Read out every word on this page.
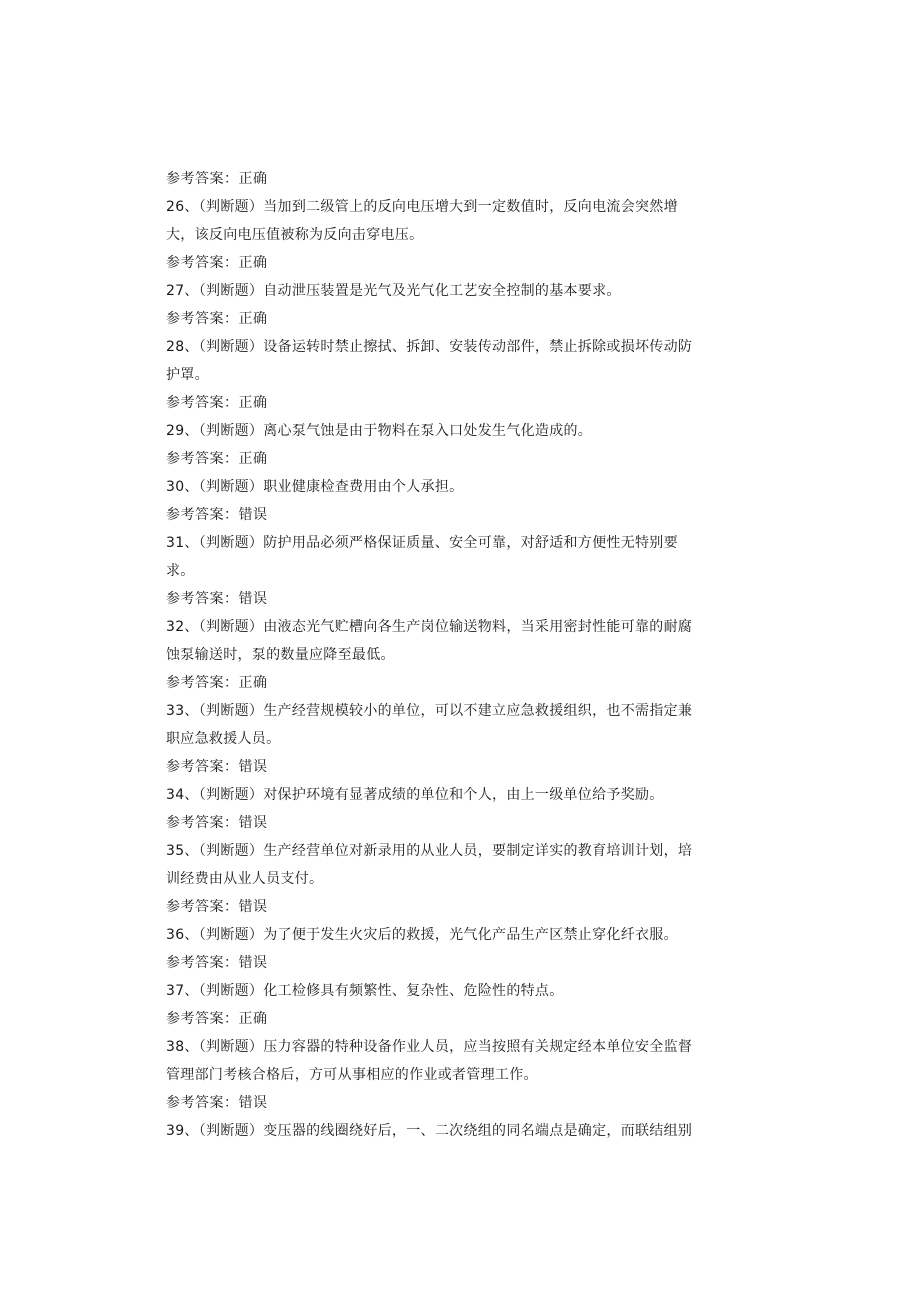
参考答案：正确
26、（判断题）当加到二级管上的反向电压增大到一定数值时，反向电流会突然增
大，该反向电压值被称为反向击穿电压。
参考答案：正确
27、（判断题）自动泄压装置是光气及光气化工艺安全控制的基本要求。
参考答案：正确
28、（判断题）设备运转时禁止擦拭、拆卸、安装传动部件，禁止拆除或损坏传动防
护罩。
参考答案：正确
29、（判断题）离心泵气蚀是由于物料在泵入口处发生气化造成的。
参考答案：正确
30、（判断题）职业健康检查费用由个人承担。
参考答案：错误
31、（判断题）防护用品必须严格保证质量、安全可靠，对舒适和方便性无特别要
求。
参考答案：错误
32、（判断题）由液态光气贮槽向各生产岗位输送物料，当采用密封性能可靠的耐腐
蚀泵输送时，泵的数量应降至最低。
参考答案：正确
33、（判断题）生产经营规模较小的单位，可以不建立应急救援组织，也不需指定兼
职应急救援人员。
参考答案：错误
34、（判断题）对保护环境有显著成绩的单位和个人，由上一级单位给予奖励。
参考答案：错误
35、（判断题）生产经营单位对新录用的从业人员，要制定详实的教育培训计划，培
训经费由从业人员支付。
参考答案：错误
36、（判断题）为了便于发生火灾后的救援，光气化产品生产区禁止穿化纤衣服。
参考答案：错误
37、（判断题）化工检修具有频繁性、复杂性、危险性的特点。
参考答案：正确
38、（判断题）压力容器的特种设备作业人员，应当按照有关规定经本单位安全监督
管理部门考核合格后，方可从事相应的作业或者管理工作。
参考答案：错误
39、（判断题）变压器的线圈绕好后，一、二次绕组的同名端点是确定，而联结组别
